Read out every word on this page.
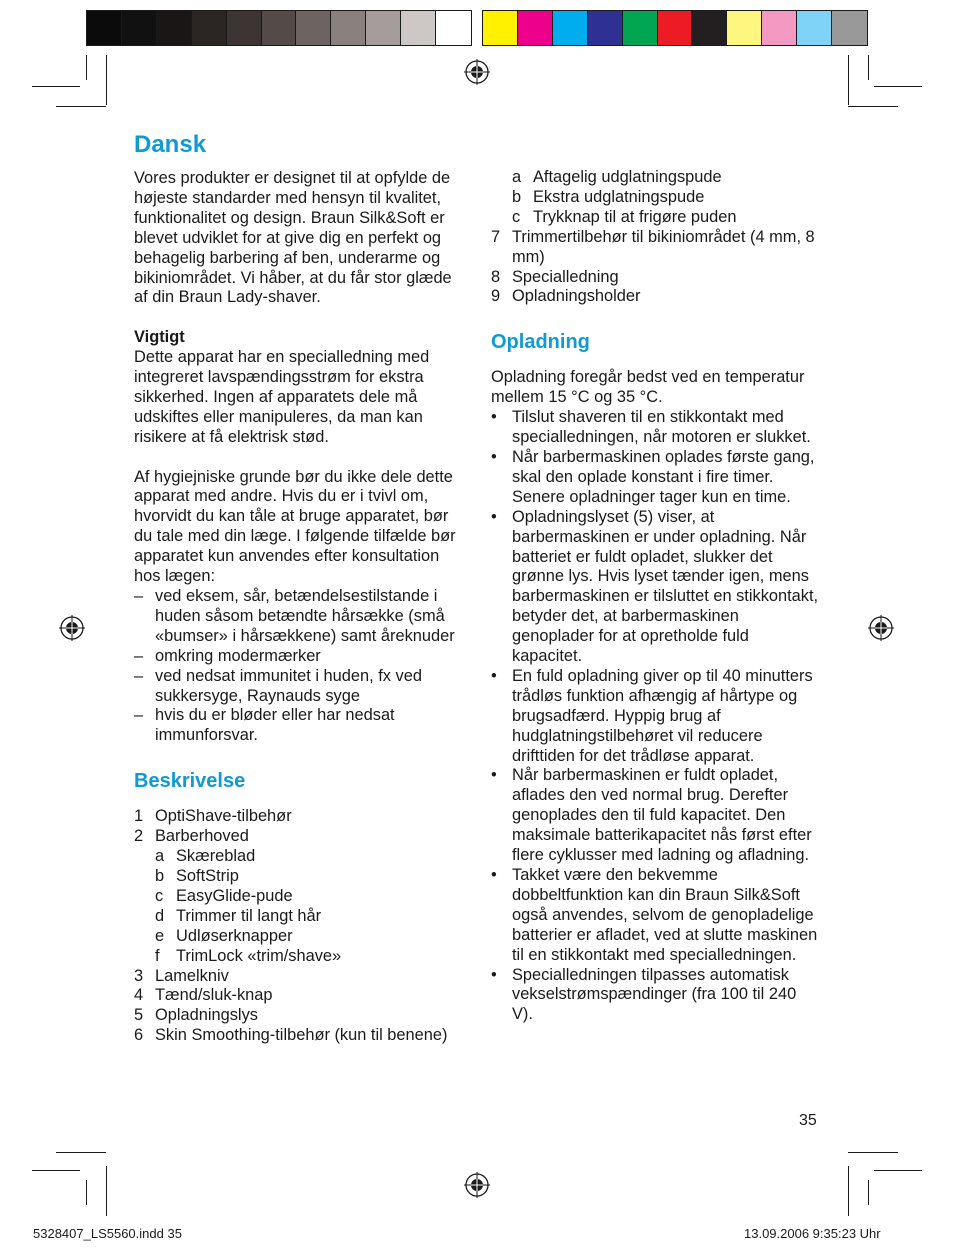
Dansk

Vores produkter er designet til at opfylde de højeste standarder med hensyn til kvalitet, funktionalitet og design. Braun Silk&Soft er blevet udviklet for at give dig en perfekt og behagelig barbering af ben, underarme og bikiniområdet. Vi håber, at du får stor glæde af din Braun Lady-shaver.

Vigtigt

Dette apparat har en specialledning med integreret lavspændingsstrøm for ekstra sikkerhed. Ingen af apparatets dele må udskiftes eller manipuleres, da man kan risikere at få elektrisk stød.

Af hygiejniske grunde bør du ikke dele dette apparat med andre. Hvis du er i tvivl om, hvorvidt du kan tåle at bruge apparatet, bør du tale med din læge. I følgende tilfælde bør apparatet kun anvendes efter konsultation hos lægen:

– ved eksem, sår, betændelsestilstande i huden såsom betændte hårsække (små «bumser» i hårsækkene) samt åreknuder
– omkring modermærker
– ved nedsat immunitet i huden, fx ved sukkersyge, Raynauds syge
– hvis du er bløder eller har nedsat immunforsvar.
Beskrivelse
1 OptiShave-tilbehør
2 Barberhoved
a Skæreblad
b SoftStrip
c EasyGlide-pude
d Trimmer til langt hår
e Udløserknapper
f TrimLock «trim/shave»
3 Lamelkniv
4 Tænd/sluk-knap
5 Opladningslys
6 Skin Smoothing-tilbehør (kun til benene)
a Aftagelig udglatningspude
b Ekstra udglatningspude
c Trykknap til at frigøre puden
7 Trimmertilbehør til bikiniområdet (4 mm, 8 mm)
8 Specialledning
9 Opladningsholder
Opladning

Opladning foregår bedst ved en temperatur mellem 15 °C og 35 °C.

• Tilslut shaveren til en stikkontakt med specialledningen, når motoren er slukket.
• Når barbermaskinen oplades første gang, skal den oplade konstant i fire timer. Senere opladninger tager kun en time.
• Opladningslyset (5) viser, at barbermaskinen er under opladning. Når batteriet er fuldt opladet, slukker det grønne lys. Hvis lyset tænder igen, mens barbermaskinen er tilsluttet en stikkontakt, betyder det, at barbermaskinen genoplader for at opretholde fuld kapacitet.
• En fuld opladning giver op til 40 minutters trådløs funktion afhængig af hårtype og brugsadfærd. Hyppig brug af hudglatningstilbehøret vil reducere drifttiden for det trådløse apparat.
• Når barbermaskinen er fuldt opladet, aflades den ved normal brug. Derefter genoplades den til fuld kapacitet. Den maksimale batterikapacitet nås først efter flere cyklusser med ladning og afladning.
• Takket være den bekvemme dobbeltfunktion kan din Braun Silk&Soft også anvendes, selvom de genopladelige batterier er afladet, ved at slutte maskinen til en stikkontakt med specialledningen.
• Specialledningen tilpasses automatisk vekselstrømspændinger (fra 100 til 240 V).
35
5328407_LS5560.indd 35	13.09.2006 9:35:23 Uhr
